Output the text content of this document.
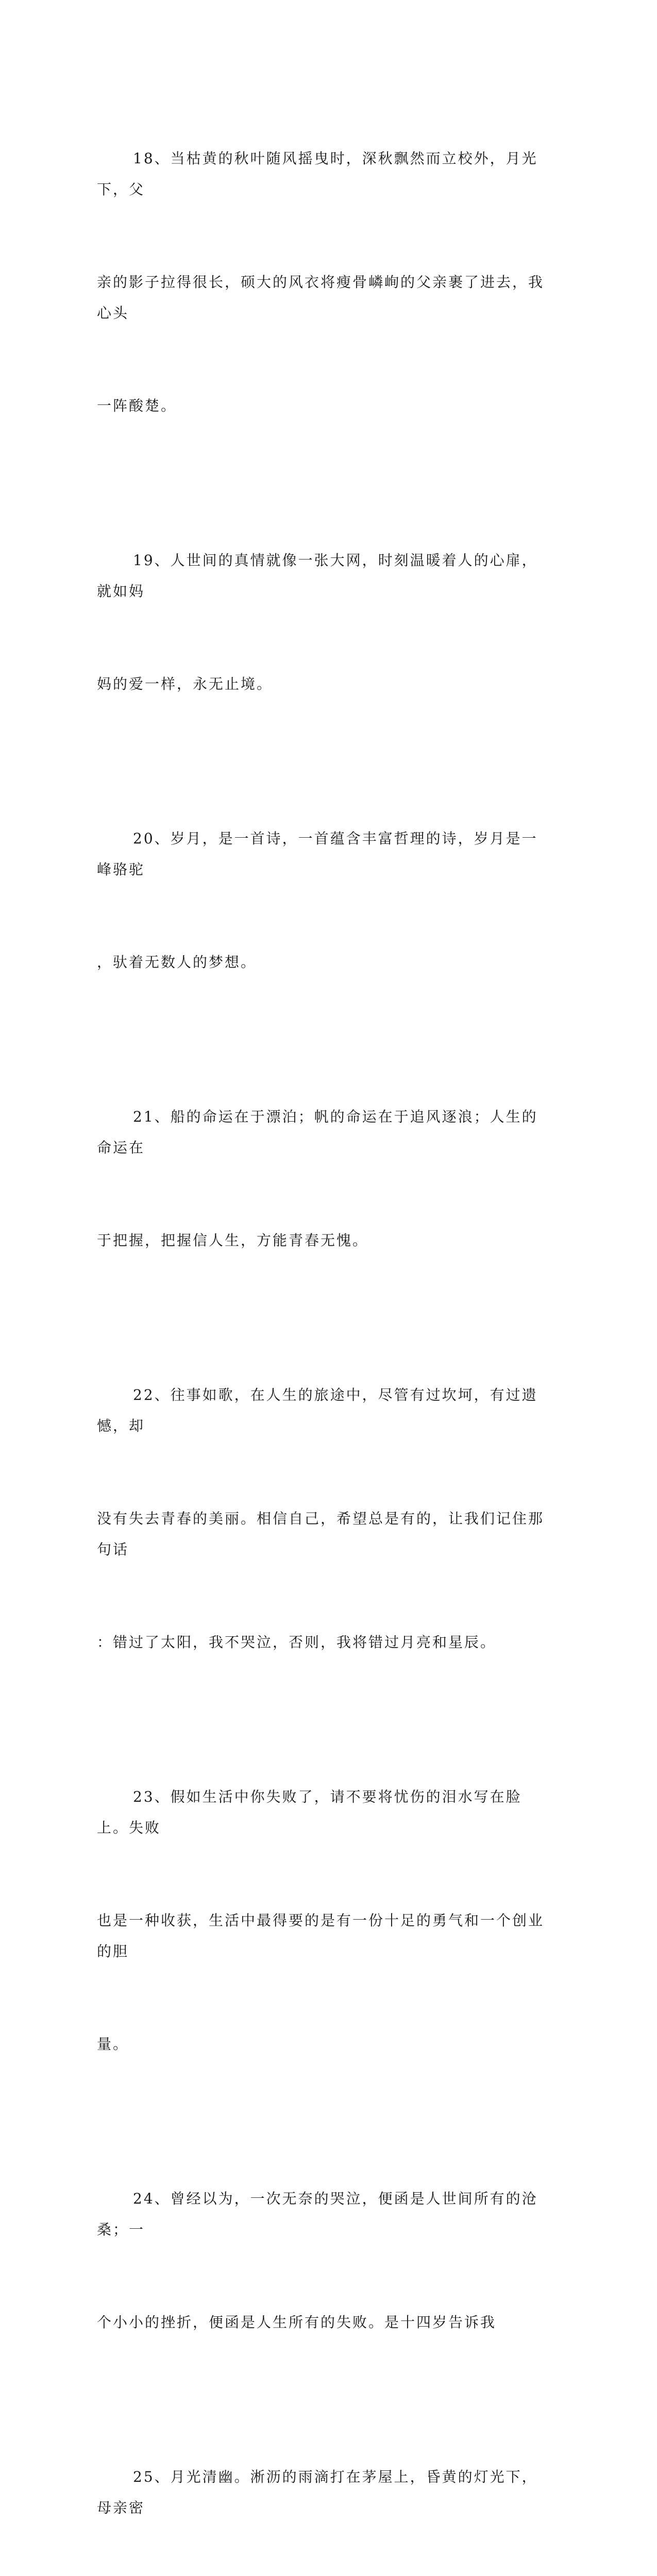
18、当枯黄的秋叶随风摇曳时，深秋飘然而立校外，月光下，父

亲的影子拉得很长，硕大的风衣将瘦骨嶙峋的父亲裹了进去，我心头

一阵酸楚。

19、人世间的真情就像一张大网，时刻温暖着人的心扉，就如妈

妈的爱一样，永无止境。

20、岁月，是一首诗，一首蕴含丰富哲理的诗，岁月是一峰骆驼

，驮着无数人的梦想。

21、船的命运在于漂泊；帆的命运在于追风逐浪；人生的命运在

于把握，把握信人生，方能青春无愧。

22、往事如歌，在人生的旅途中，尽管有过坎坷，有过遗憾，却

没有失去青春的美丽。相信自己，希望总是有的，让我们记住那句话

：错过了太阳，我不哭泣，否则，我将错过月亮和星辰。

23、假如生活中你失败了，请不要将忧伤的泪水写在脸上。失败

也是一种收获，生活中最得要的是有一份十足的勇气和一个创业的胆

量。

24、曾经以为，一次无奈的哭泣，便函是人世间所有的沧桑；一

个小小的挫折，便函是人生所有的失败。是十四岁告诉我

25、月光清幽。淅沥的雨滴打在茅屋上，昏黄的灯光下，母亲密
